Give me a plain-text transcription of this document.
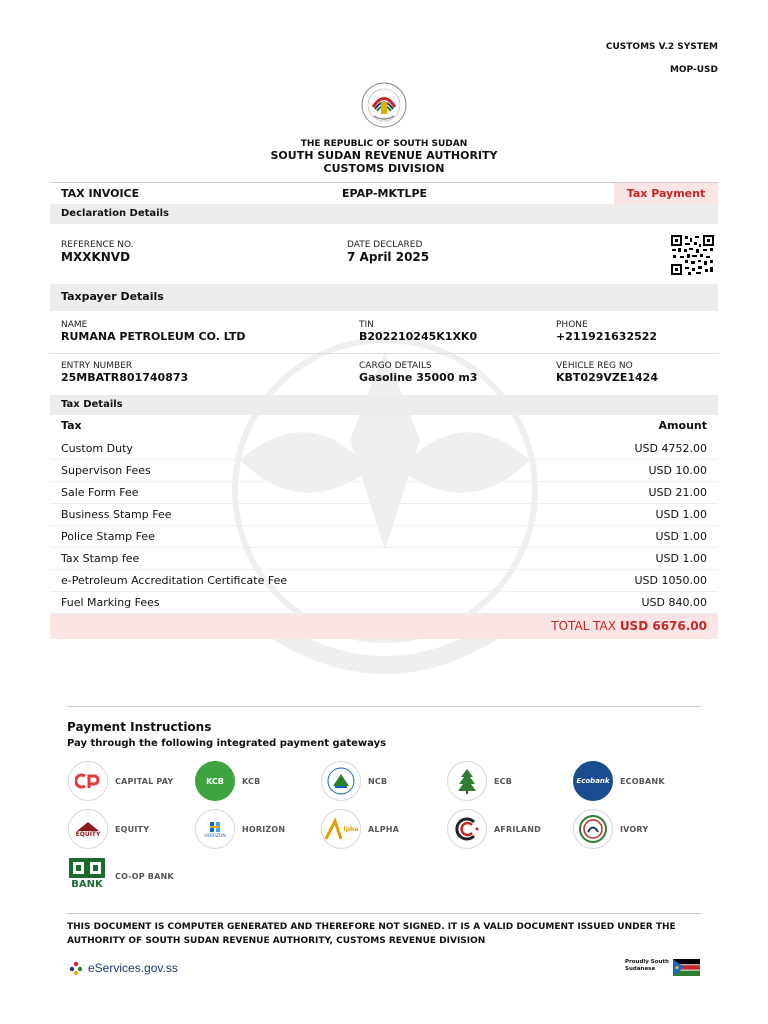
CUSTOMS V.2 SYSTEM
MOP-USD
THE REPUBLIC OF SOUTH SUDAN
SOUTH SUDAN REVENUE AUTHORITY
CUSTOMS DIVISION
TAX INVOICE	EPAP-MKTLPE	Tax Payment
Declaration Details
REFERENCE NO.
MXXKNVD
DATE DECLARED
7 April 2025
Taxpayer Details
NAME
RUMANA PETROLEUM CO. LTD
TIN
B202210245K1XK0
PHONE
+211921632522
ENTRY NUMBER
25MBATR801740873
CARGO DETAILS
Gasoline 35000 m3
VEHICLE REG NO
KBT029VZE1424
Tax Details
Tax	Amount
Custom Duty	USD 4752.00
Supervison Fees	USD 10.00
Sale Form Fee	USD 21.00
Business Stamp Fee	USD 1.00
Police Stamp Fee	USD 1.00
Tax Stamp fee	USD 1.00
e-Petroleum Accreditation Certificate Fee	USD 1050.00
Fuel Marking Fees	USD 840.00
TOTAL TAX USD 6676.00
Payment Instructions
Pay through the following integrated payment gateways
CAPITAL PAY	KCB KCB	NCB	ECB	Ecobank ECOBANK
EQUITY
EQUITY
HORIZON
HORIZON	lpha ALPHA	AFRILAND	IVORY
BANK
CO-OP BANK
THIS DOCUMENT IS COMPUTER GENERATED AND THEREFORE NOT SIGNED. IT IS A VALID DOCUMENT ISSUED UNDER THE AUTHORITY OF SOUTH SUDAN REVENUE AUTHORITY, CUSTOMS REVENUE DIVISION
eServices.gov.ss	Proudly South Sudanese
